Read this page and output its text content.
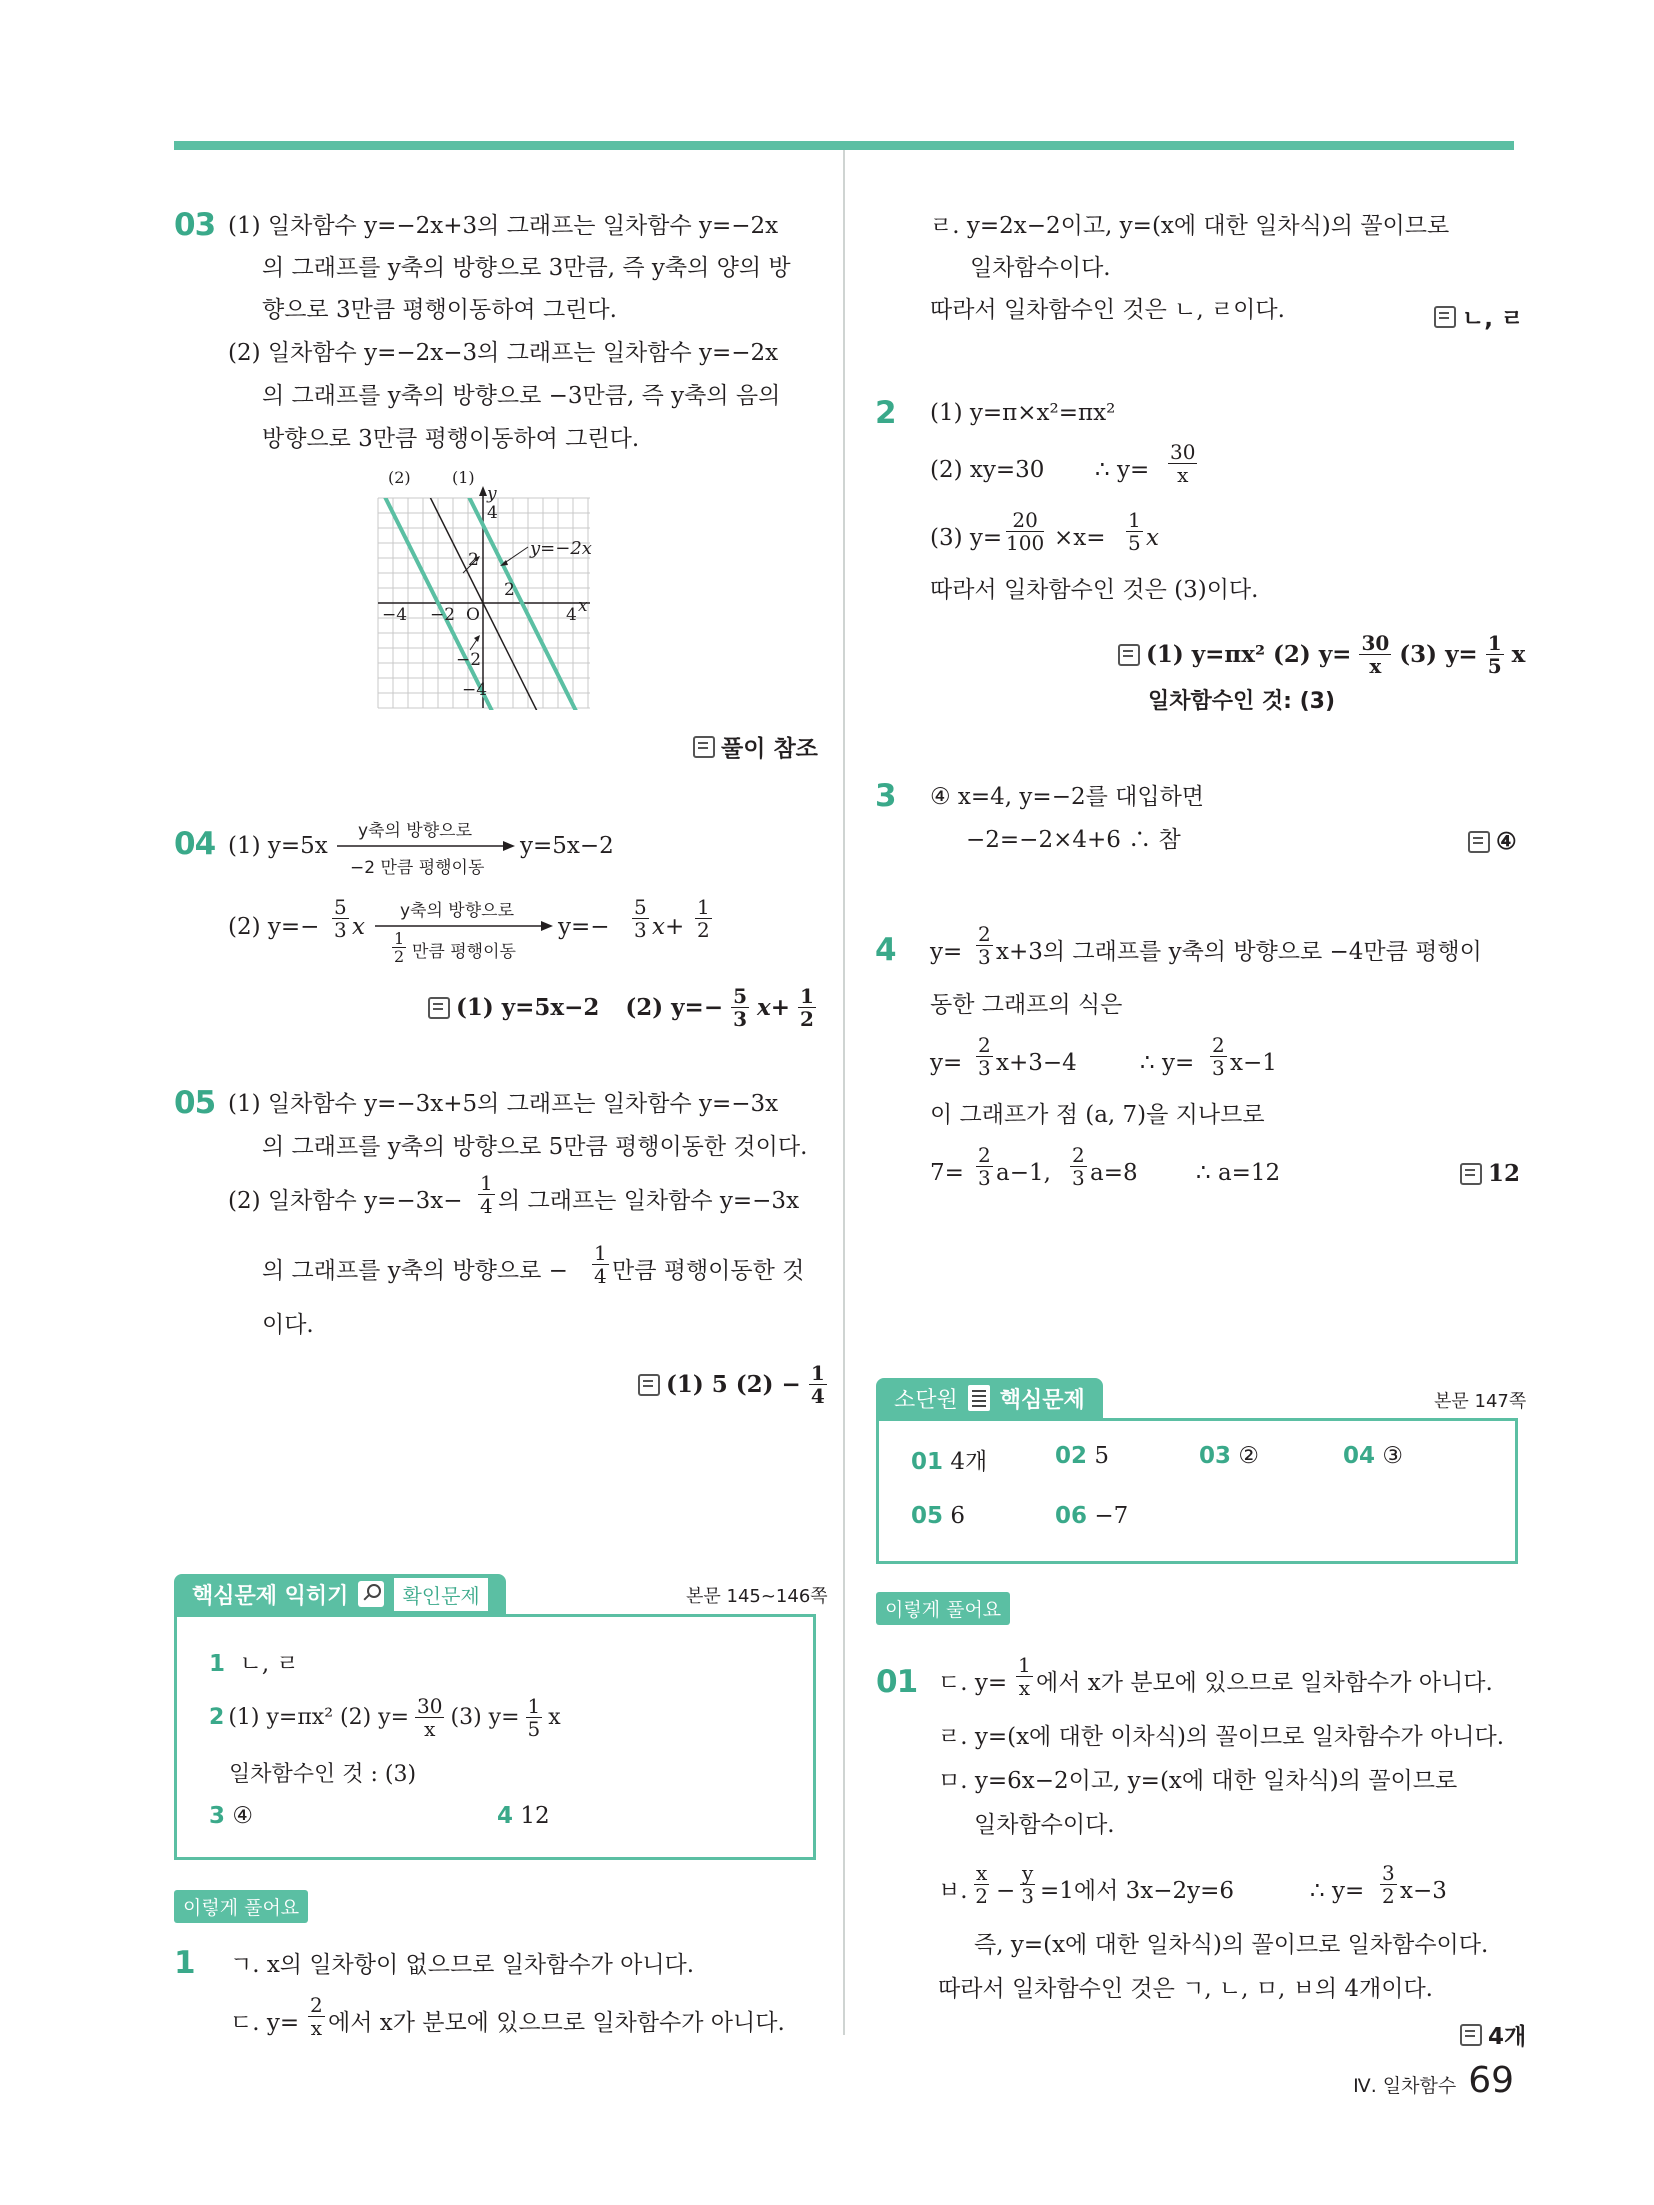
03 (1) 일차함수 y=−2x+3의 그래프는 일차함수 y=−2x
의 그래프를 y축의 방향으로 3만큼, 즉 y축의 양의 방
향으로 3만큼 평행이동하여 그린다.
(2) 일차함수 y=−2x−3의 그래프는 일차함수 y=−2x
의 그래프를 y축의 방향으로 −3만큼, 즉 y축의 음의
방향으로 3만큼 평행이동하여 그린다.
(2)	(1)
y
4
2
−2
−4
−4 −2 O
2
4 x
y=−2x
풀이 참조
04 (1) y=5x
y축의 방향으로
−2 만큼 평행이동
y=5x−2
(2) $y=- \frac{5}{3}$ x
y축의 방향으로
$\frac{1}{2}$ 만큼 평행이동
$y=- \frac{5}{3} x+ \frac{1}{2}$
(1) y=5x−2 (2) $y=- \frac{5}{3} x+ \frac{1}{2}$
05 (1) 일차함수 y=−3x+5의 그래프는 일차함수 y=−3x
의 그래프를 y축의 방향으로 5만큼 평행이동한 것이다.
(2) 일차함수 $y=-3x- \frac{1}{4}$ 의 그래프는 일차함수 y=−3x
의 그래프를 y축의 방향으로 − $\frac{1}{4}$ 만큼 평행이동한 것
이다.
(1) 5 $(2) - \frac{1}{4}$
핵심문제 익히기	확인문제	본문 145~146쪽
1 ㄴ, ㄹ
2 (1) y=πx² (2) $y= \frac{30}{x} (3)$ $y= \frac{1}{5}$ x
일차함수인 것 : (3)
3 ④	4 12
이렇게 풀어요
1 ㄱ. x의 일차항이 없으므로 일차함수가 아니다.
ㄷ. $y= \frac{2}{x}$ 에서 x가 분모에 있으므로 일차함수가 아니다.
ㄹ. y=2x−2이고, y=(x에 대한 일차식)의 꼴이므로
일차함수이다.
따라서 일차함수인 것은 ㄴ, ㄹ이다.	ㄴ, ㄹ
2 (1) y=π×x²=πx²
(2) xy=30 ∴ $y= \frac{30}{x}$
(3) $y= \frac{20}{100} \times x= \frac{1}{5}$ x
따라서 일차함수인 것은 (3)이다.
(1) y=πx² (2) $y= \frac{30}{x} (3)$ $y= \frac{1}{5}$ x
일차함수인 것: (3)
3 ④ x=4, y=−2를 대입하면
−2=−2×4+6 ∴ 참	④
4 $y= \frac{2}{3} x+3$의 그래프를 y축의 방향으로 −4만큼 평행이
동한 그래프의 식은
$y= \frac{2}{3} x+3-4$	∴ $y= \frac{2}{3} x-1$
이 그래프가 점 (a, 7)을 지나므로
$7= \frac{2}{3} a-1$, $\frac{2}{3} a=8$	∴ a=12	12
소단원 핵심문제	본문 147쪽
01 4개	02 5	03 ②	04 ③
05 6	06 −7
이렇게 풀어요
01 ㄷ. $y= \frac{1}{x}$ 에서 x가 분모에 있으므로 일차함수가 아니다.
ㄹ. y=(x에 대한 이차식)의 꼴이므로 일차함수가 아니다.
ㅁ. y=6x−2이고, y=(x에 대한 일차식)의 꼴이므로
일차함수이다.
ㅂ. $\frac{x}{2} - \frac{y}{3} =1$에서 3x−2y=6	∴ $y= \frac{3}{2} x-3$
즉, y=(x에 대한 일차식)의 꼴이므로 일차함수이다.
따라서 일차함수인 것은 ㄱ, ㄴ, ㅁ, ㅂ의 4개이다.
4개
Ⅳ. 일차함수 69
